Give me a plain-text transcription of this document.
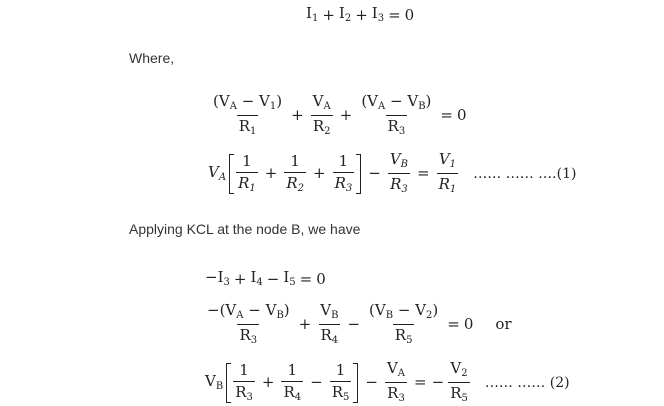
$I_1 + I_2 + I_3 = 0$
Where,
$\frac{(V_A - V_1)}{R_1} + \frac{V_A}{R_2} + \frac{(V_A - V_B)}{R_3} = 0$
$V_A \frac{1}{R_1} + \frac{1}{R_2} + \frac{1}{R_3} - \frac{V_B}{R_3} = \frac{V_1}{R_1}$ …… …… ….(1)
Applying KCL at the node B, we have
$-I_3 + I_4 - I_5 = 0$
$\frac{-(V_A - V_B)}{R_3} + \frac{V_B}{R_4} - \frac{(V_B - V_2)}{R_5} = 0$ or
$V_B \frac{1}{R_3} + \frac{1}{R_4} - \frac{1}{R_5} - \frac{V_A}{R_3}$ = − $\frac{V_2}{R_5}$ …… …… (2)
